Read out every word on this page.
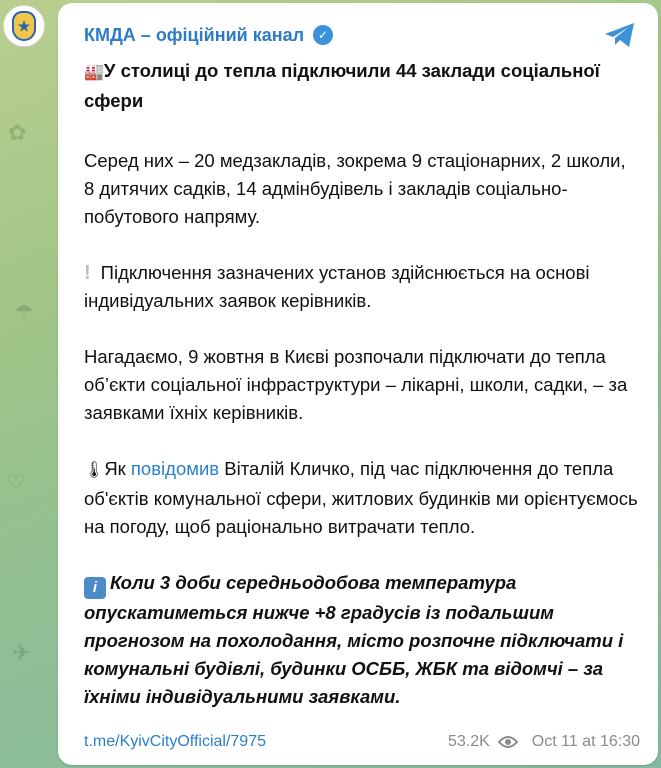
✿
☂
♡
✈
★	КМДА – офіційний канал	✓
🏭У столиці до тепла підключили 44 заклади соціальної сфери
Серед них – 20 медзакладів, зокрема 9 стаціонарних, 2 школи, 8 дитячих садків, 14 адмінбудівель і закладів соціально-побутового напряму.
! Підключення зазначених установ здійснюється на основі індивідуальних заявок керівників.
Нагадаємо, 9 жовтня в Києві розпочали підключати до тепла об’єкти соціальної інфраструктури – лікарні, школи, садки, – за заявками їхніх керівників.
🌡Як повідомив Віталій Кличко, під час підключення до тепла об'єктів комунальної сфери, житлових будинків ми орієнтуємось на погоду, щоб раціонально витрачати тепло.
i Коли 3 доби середньодобова температура опускатиметься нижче +8 градусів із подальшим прогнозом на похолодання, місто розпочне підключати і комунальні будівлі, будинки ОСББ, ЖБК та відомчі – за їхніми індивідуальними заявками.
t.me/KyivCityOfficial/7975	53.2K	Oct 11 at 16:30
